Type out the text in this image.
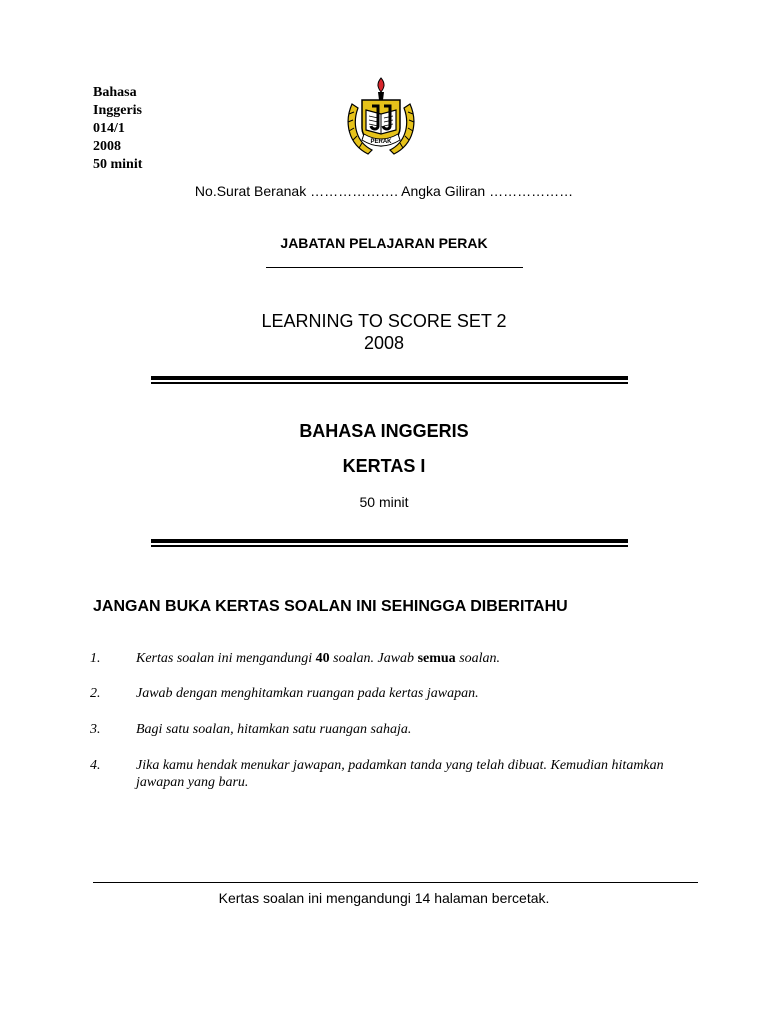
Bahasa
Inggeris
014/1
2008
50 minit
PERAK
No.Surat Beranak ………………. Angka Giliran ………………
JABATAN PELAJARAN PERAK
LEARNING TO SCORE SET 2
2008
BAHASA INGGERIS
KERTAS I
50 minit
JANGAN BUKA KERTAS SOALAN INI SEHINGGA DIBERITAHU
1.	Kertas soalan ini mengandungi 40 soalan. Jawab semua soalan.
2.	Jawab dengan menghitamkan ruangan pada kertas jawapan.
3.	Bagi satu soalan, hitamkan satu ruangan sahaja.
4.	Jika kamu hendak menukar jawapan, padamkan tanda yang telah dibuat. Kemudian hitamkan jawapan yang baru.
Kertas soalan ini mengandungi 14 halaman bercetak.
